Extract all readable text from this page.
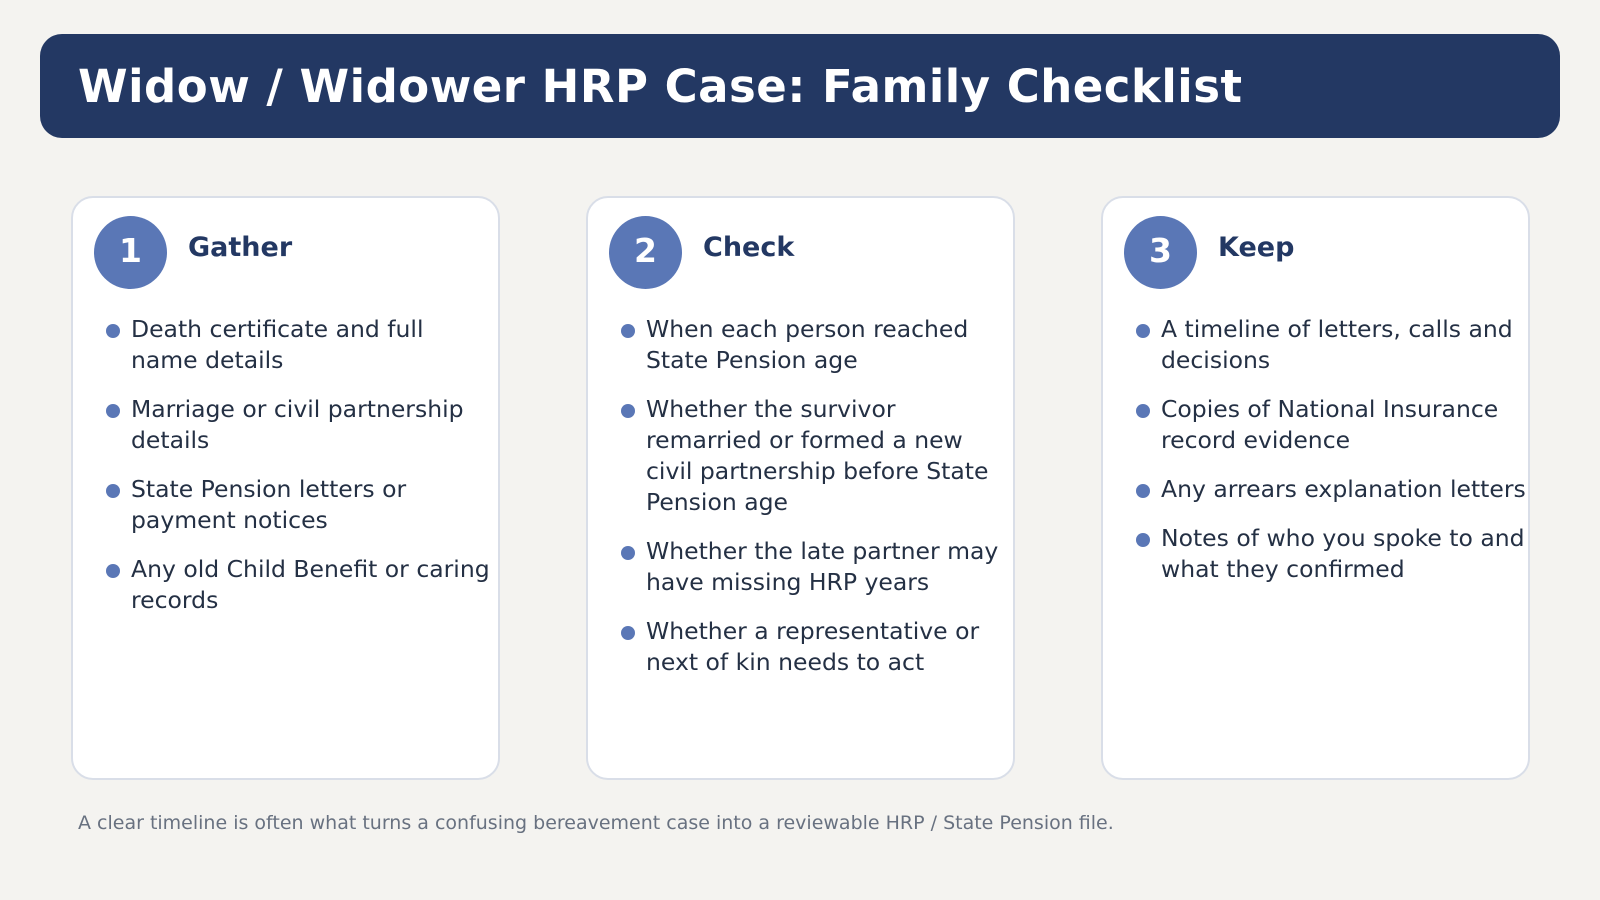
Widow / Widower HRP Case: Family Checklist
1	Gather
Death certificate and full name details
Marriage or civil partnership details
State Pension letters or payment notices
Any old Child Benefit or caring records
2	Check
When each person reached State Pension age
Whether the survivor remarried or formed a new civil partnership before State Pension age
Whether the late partner may have missing HRP years
Whether a representative or next of kin needs to act
3	Keep
A timeline of letters, calls and decisions
Copies of National Insurance record evidence
Any arrears explanation letters
Notes of who you spoke to and what they confirmed
A clear timeline is often what turns a confusing bereavement case into a reviewable HRP / State Pension file.
